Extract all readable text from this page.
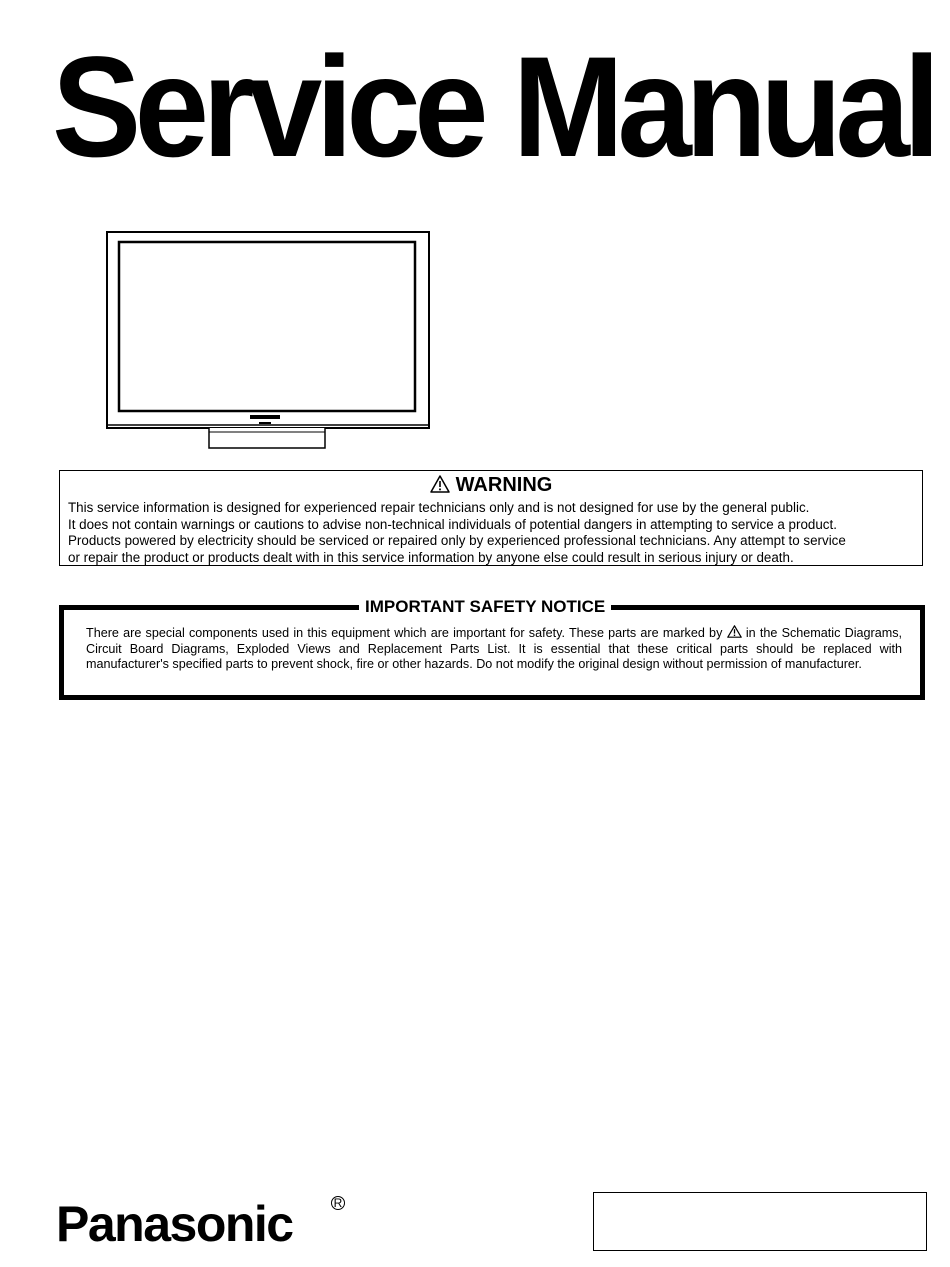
Service Manual
WARNING
This service information is designed for experienced repair technicians only and is not designed for use by the general public.
It does not contain warnings or cautions to advise non-technical individuals of potential dangers in attempting to service a product.
Products powered by electricity should be serviced or repaired only by experienced professional technicians. Any attempt to service
or repair the product or products dealt with in this service information by anyone else could result in serious injury or death.
IMPORTANT SAFETY NOTICE
There are special components used in this equipment which are important for safety. These parts are marked by  in the Schematic Diagrams, Circuit Board Diagrams, Exploded Views and Replacement Parts List. It is essential that these critical parts should be replaced with manufacturer's specified parts to prevent shock, fire or other hazards. Do not modify the original design without permission of manufacturer.
Panasonic	R
